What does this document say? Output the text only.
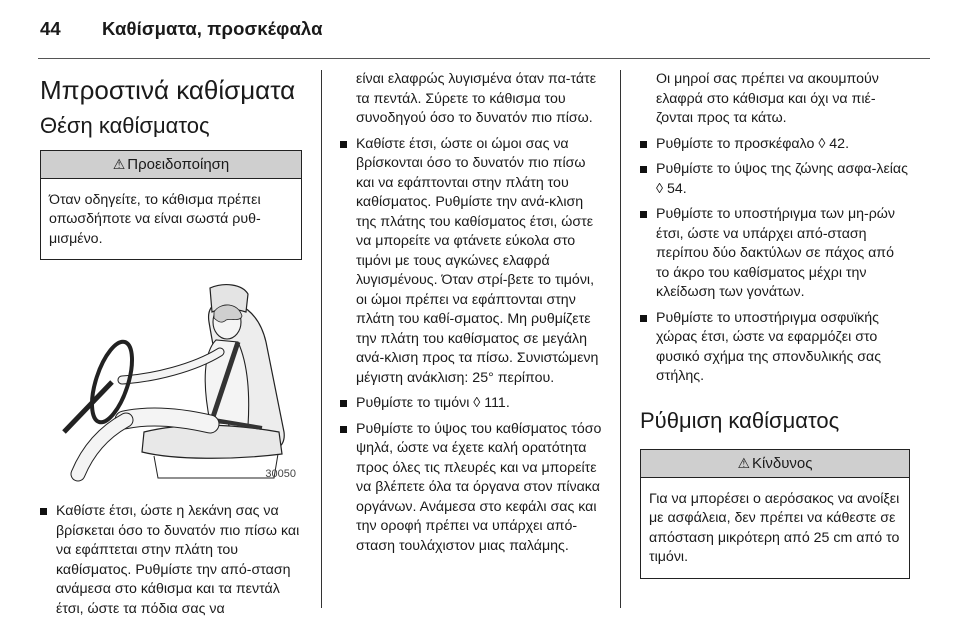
44 Καθίσματα, προσκέφαλα
Μπροστινά καθίσματα
Θέση καθίσματος
⚠ Προειδοποίηση
Όταν οδηγείτε, το κάθισμα πρέπει οπωσδήποτε να είναι σωστά ρυθ-μισμένο.
30050
Καθίστε έτσι, ώστε η λεκάνη σας να βρίσκεται όσο το δυνατόν πιο πίσω και να εφάπτεται στην πλάτη του καθίσματος. Ρυθμίστε την από-σταση ανάμεσα στο κάθισμα και τα πεντάλ έτσι, ώστε τα πόδια σας να

είναι ελαφρώς λυγισμένα όταν πα-τάτε τα πεντάλ. Σύρετε το κάθισμα του συνοδηγού όσο το δυνατόν πιο πίσω.

Καθίστε έτσι, ώστε οι ώμοι σας να βρίσκονται όσο το δυνατόν πιο πίσω και να εφάπτονται στην πλάτη του καθίσματος. Ρυθμίστε την ανά-κλιση της πλάτης του καθίσματος έτσι, ώστε να μπορείτε να φτάνετε εύκολα στο τιμόνι με τους αγκώνες ελαφρά λυγισμένους. Όταν στρί-βετε το τιμόνι, οι ώμοι πρέπει να εφάπτονται στην πλάτη του καθί-σματος. Μη ρυθμίζετε την πλάτη του καθίσματος σε μεγάλη ανά-κλιση προς τα πίσω. Συνιστώμενη μέγιστη ανάκλιση: 25° περίπου.
Ρυθμίστε το τιμόνι ◊ 111.
Ρυθμίστε το ύψος του καθίσματος τόσο ψηλά, ώστε να έχετε καλή ορατότητα προς όλες τις πλευρές και να μπορείτε να βλέπετε όλα τα όργανα στον πίνακα οργάνων. Ανάμεσα στο κεφάλι σας και την οροφή πρέπει να υπάρχει από-σταση τουλάχιστον μιας παλάμης.

Οι μηροί σας πρέπει να ακουμπούν ελαφρά στο κάθισμα και όχι να πιέ-ζονται προς τα κάτω.

Ρυθμίστε το προσκέφαλο ◊ 42.
Ρυθμίστε το ύψος της ζώνης ασφα-λείας ◊ 54.
Ρυθμίστε το υποστήριγμα των μη-ρών έτσι, ώστε να υπάρχει από-σταση περίπου δύο δακτύλων σε πάχος από το άκρο του καθίσματος μέχρι την κλείδωση των γονάτων.
Ρυθμίστε το υποστήριγμα οσφυϊκής χώρας έτσι, ώστε να εφαρμόζει στο φυσικό σχήμα της σπονδυλικής σας στήλης.
Ρύθμιση καθίσματος
⚠ Κίνδυνος
Για να μπορέσει ο αερόσακος να ανοίξει με ασφάλεια, δεν πρέπει να κάθεστε σε απόσταση μικρότερη από 25 cm από το τιμόνι.
